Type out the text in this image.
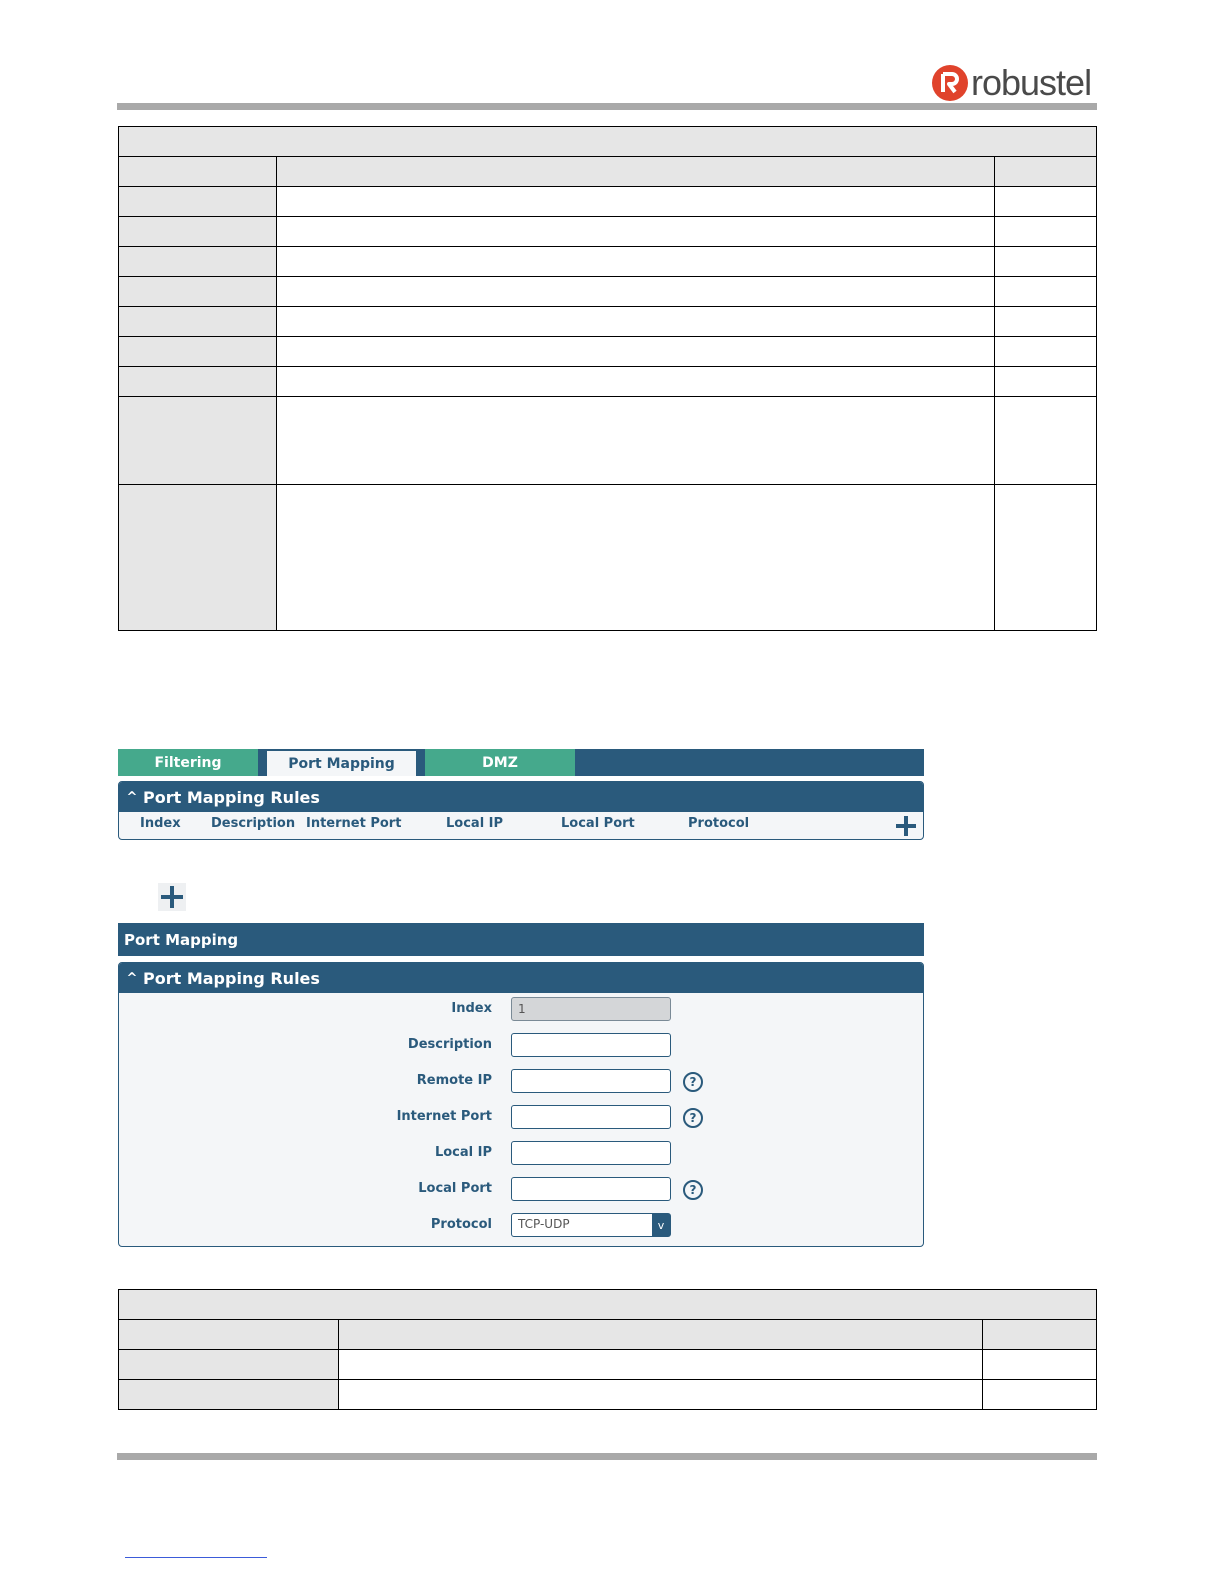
robustel

Filtering	Port Mapping	DMZ
^ Port Mapping Rules
Index Description Internet Port	Local IP	Local Port	Protocol
Port Mapping
^ Port Mapping Rules
Index	1
Description
Remote IP	?
Internet Port	?
Local IP
Local Port	?
Protocol	TCP-UDP	v
